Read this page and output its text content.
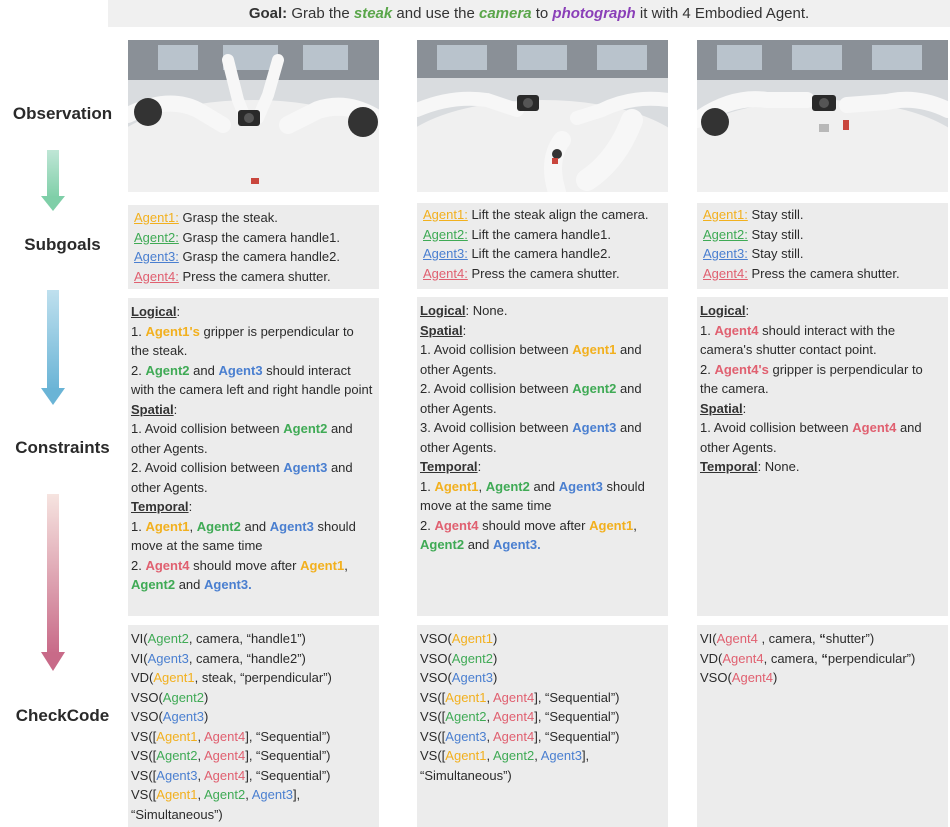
Goal: Grab the steak and use the camera to photograph it with 4 Embodied Agent.
Observation
Subgoals
Constraints
CheckCode
Agent1: Grasp the steak.
Agent2: Grasp the camera handle1.
Agent3: Grasp the camera handle2.
Agent4: Press the camera shutter.
Agent1: Lift the steak align the camera.
Agent2: Lift the camera handle1.
Agent3: Lift the camera handle2.
Agent4: Press the camera shutter.
Agent1: Stay still.
Agent2: Stay still.
Agent3: Stay still.
Agent4: Press the camera shutter.
Logical:
1. Agent1's gripper is perpendicular to the steak.
2. Agent2 and Agent3 should interact with the camera left and right handle point
Spatial:
1. Avoid collision between Agent2 and other Agents.
2. Avoid collision between Agent3 and other Agents.
Temporal:
1. Agent1, Agent2 and Agent3 should move at the same time
2. Agent4 should move after Agent1, Agent2 and Agent3.
Logical: None.
Spatial:
1. Avoid collision between Agent1 and other Agents.
2. Avoid collision between Agent2 and other Agents.
3. Avoid collision between Agent3 and other Agents.
Temporal:
1. Agent1, Agent2 and Agent3 should move at the same time
2. Agent4 should move after Agent1, Agent2 and Agent3.
Logical:
1. Agent4 should interact with the camera's shutter contact point.
2. Agent4's gripper is perpendicular to the camera.
Spatial:
1. Avoid collision between Agent4 and other Agents.
Temporal: None.
VI(Agent2, camera, “handle1”)
VI(Agent3, camera, “handle2”)
VD(Agent1, steak, “perpendicular”)
VSO(Agent2)
VSO(Agent3)
VS([Agent1, Agent4], “Sequential”)
VS([Agent2, Agent4], “Sequential”)
VS([Agent3, Agent4], “Sequential”)
VS([Agent1, Agent2, Agent3],
“Simultaneous”)
VSO(Agent1)
VSO(Agent2)
VSO(Agent3)
VS([Agent1, Agent4], “Sequential”)
VS([Agent2, Agent4], “Sequential”)
VS([Agent3, Agent4], “Sequential”)
VS([Agent1, Agent2, Agent3],
“Simultaneous”)
VI(Agent4 , camera, “shutter”)
VD(Agent4, camera, “perpendicular”)
VSO(Agent4)
